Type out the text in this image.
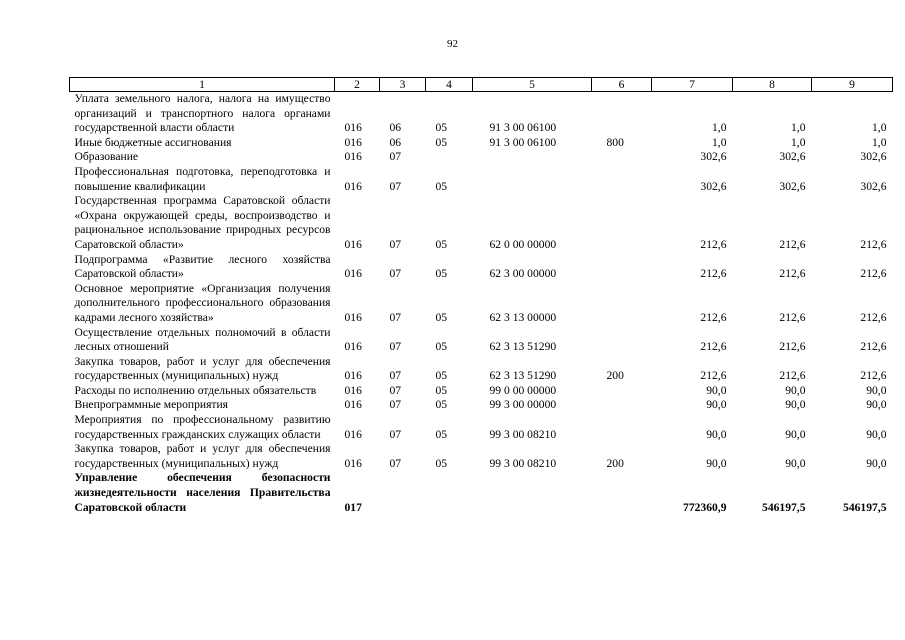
92
1	2	3	4	5	6	7	8	9
Уплата земельного налога, налога на имущество организаций и транспортного налога органами государственной власти области	016	06	05	91 3 00 06100		1,0	1,0	1,0
Иные бюджетные ассигнования	016	06	05	91 3 00 06100	800	1,0	1,0	1,0
Образование	016	07				302,6	302,6	302,6
Профессиональная подготовка, переподготовка и повышение квалификации	016	07	05			302,6	302,6	302,6
Государственная программа Саратовской области «Охрана окружающей среды, воспроизводство и рациональное использование природных ресурсов Саратовской области»	016	07	05	62 0 00 00000		212,6	212,6	212,6
Подпрограмма «Развитие лесного хозяйства Саратовской области»	016	07	05	62 3 00 00000		212,6	212,6	212,6
Основное мероприятие «Организация получения дополнительного профессионального образования кадрами лесного хозяйства»	016	07	05	62 3 13 00000		212,6	212,6	212,6
Осуществление отдельных полномочий в области лесных отношений	016	07	05	62 3 13 51290		212,6	212,6	212,6
Закупка товаров, работ и услуг для обеспечения государственных (муниципальных) нужд	016	07	05	62 3 13 51290	200	212,6	212,6	212,6
Расходы по исполнению отдельных обязательств	016	07	05	99 0 00 00000		90,0	90,0	90,0
Внепрограммные мероприятия	016	07	05	99 3 00 00000		90,0	90,0	90,0
Мероприятия по профессиональному развитию государственных гражданских служащих области	016	07	05	99 3 00 08210		90,0	90,0	90,0
Закупка товаров, работ и услуг для обеспечения государственных (муниципальных) нужд	016	07	05	99 3 00 08210	200	90,0	90,0	90,0
Управление обеспечения безопасности жизнедеятельности населения Правительства Саратовской области	017					772360,9	546197,5	546197,5
